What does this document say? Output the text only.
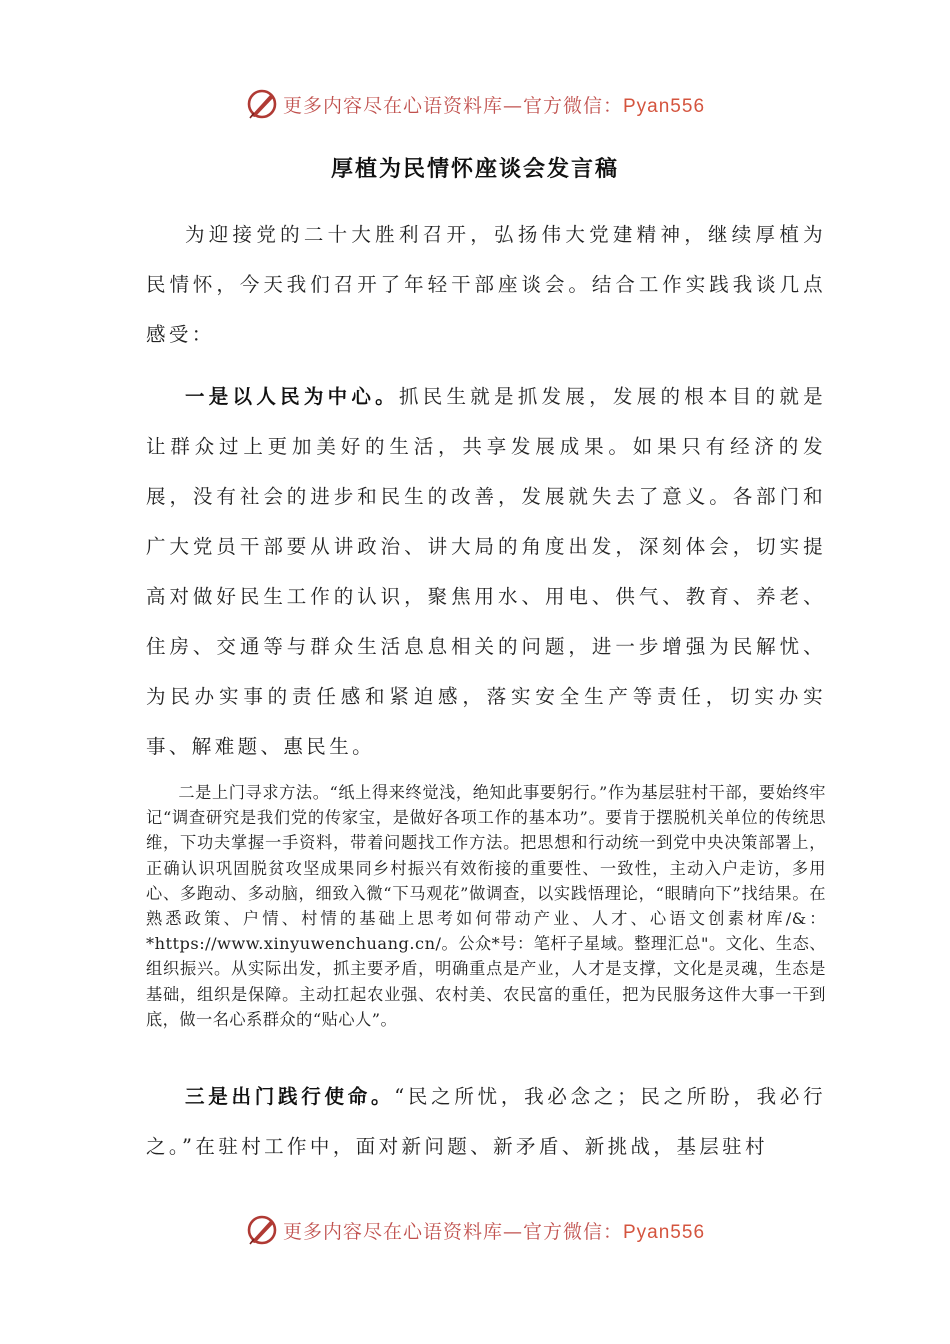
更多内容尽在心语资料库—官方微信：Pyan556
厚植为民情怀座谈会发言稿

为迎接党的二十大胜利召开，弘扬伟大党建精神，继续厚植为民情怀，今天我们召开了年轻干部座谈会。结合工作实践我谈几点感受：

一是以人民为中心。抓民生就是抓发展，发展的根本目的就是让群众过上更加美好的生活，共享发展成果。如果只有经济的发展，没有社会的进步和民生的改善，发展就失去了意义。各部门和广大党员干部要从讲政治、讲大局的角度出发，深刻体会，切实提高对做好民生工作的认识，聚焦用水、用电、供气、教育、养老、住房、交通等与群众生活息息相关的问题，进一步增强为民解忧、为民办实事的责任感和紧迫感，落实安全生产等责任，切实办实事、解难题、惠民生。

二是上门寻求方法。“纸上得来终觉浅，绝知此事要躬行。”作为基层驻村干部，要始终牢记“调查研究是我们党的传家宝，是做好各项工作的基本功”。要肯于摆脱机关单位的传统思维，下功夫掌握一手资料，带着问题找工作方法。把思想和行动统一到党中央决策部署上，正确认识巩固脱贫攻坚成果同乡村振兴有效衔接的重要性、一致性，主动入户走访，多用心、多跑动、多动脑，细致入微“下马观花”做调查，以实践悟理论，“眼睛向下”找结果。在熟悉政策、户情、村情的基础上思考如何带动产业、人才、心语文创素材库/&：*https://www.xinyuwenchuang.cn/。公众*号：笔杆子星域。整理汇总"。文化、生态、组织振兴。从实际出发，抓主要矛盾，明确重点是产业，人才是支撑，文化是灵魂，生态是基础，组织是保障。主动扛起农业强、农村美、农民富的重任，把为民服务这件大事一干到底，做一名心系群众的“贴心人”。

三是出门践行使命。“民之所忧，我必念之；民之所盼，我必行之。”在驻村工作中，面对新问题、新矛盾、新挑战，基层驻村

更多内容尽在心语资料库—官方微信：Pyan556
